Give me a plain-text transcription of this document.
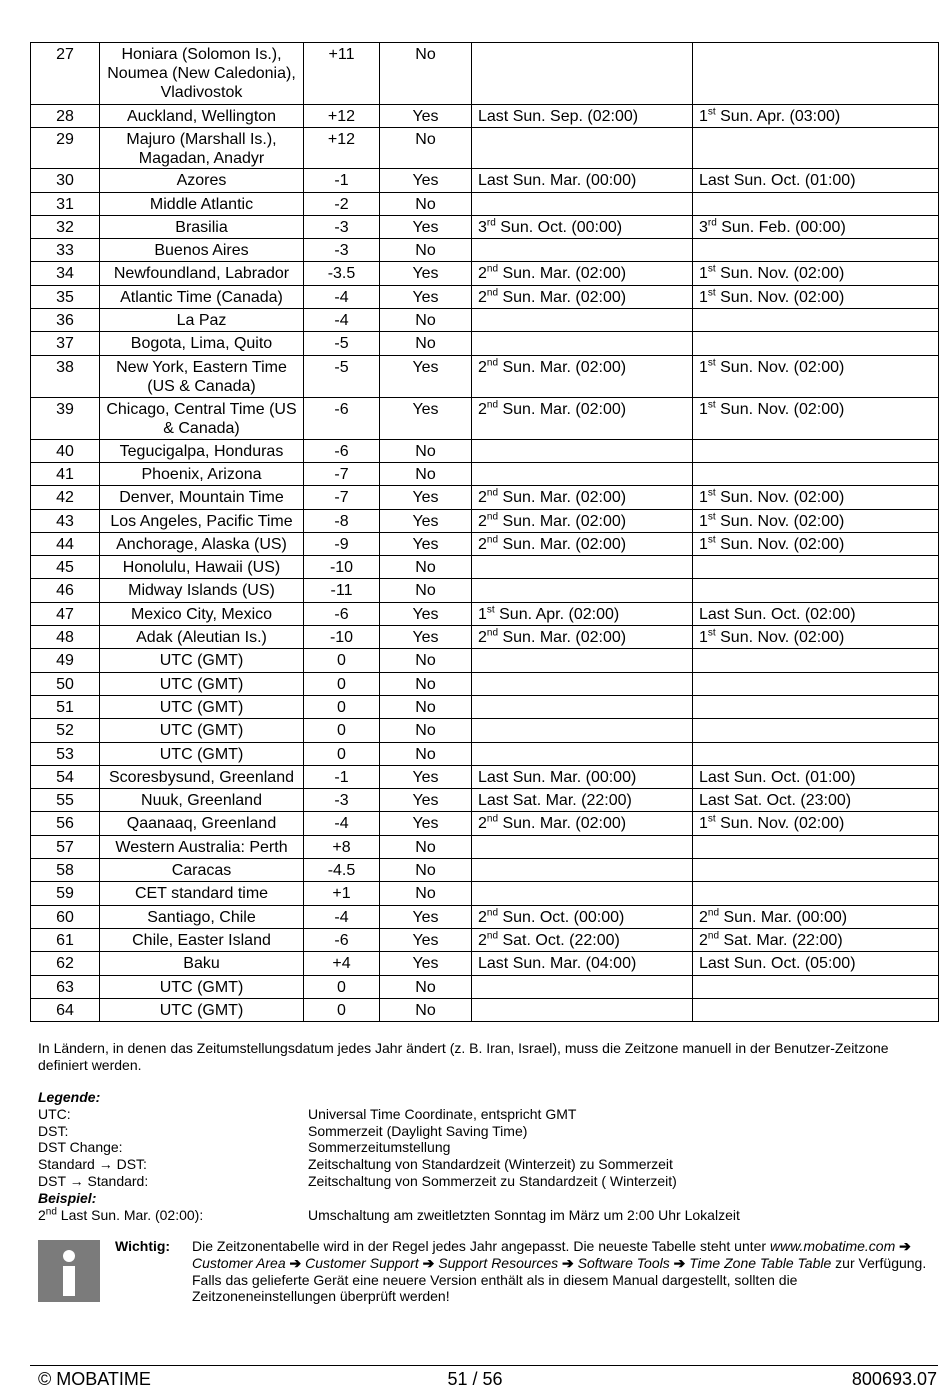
27	Honiara (Solomon Is.), Noumea (New Caledonia), Vladivostok	+11	No		
28	Auckland, Wellington	+12	Yes	Last Sun. Sep. (02:00)	1st Sun. Apr. (03:00)
29	Majuro (Marshall Is.), Magadan, Anadyr	+12	No		
30	Azores	-1	Yes	Last Sun. Mar. (00:00)	Last Sun. Oct. (01:00)
31	Middle Atlantic	-2	No		
32	Brasilia	-3	Yes	3rd Sun. Oct. (00:00)	3rd Sun. Feb. (00:00)
33	Buenos Aires	-3	No		
34	Newfoundland, Labrador	-3.5	Yes	2nd Sun. Mar. (02:00)	1st Sun. Nov. (02:00)
35	Atlantic Time (Canada)	-4	Yes	2nd Sun. Mar. (02:00)	1st Sun. Nov. (02:00)
36	La Paz	-4	No		
37	Bogota, Lima, Quito	-5	No		
38	New York, Eastern Time (US & Canada)	-5	Yes	2nd Sun. Mar. (02:00)	1st Sun. Nov. (02:00)
39	Chicago, Central Time (US & Canada)	-6	Yes	2nd Sun. Mar. (02:00)	1st Sun. Nov. (02:00)
40	Tegucigalpa, Honduras	-6	No		
41	Phoenix, Arizona	-7	No		
42	Denver, Mountain Time	-7	Yes	2nd Sun. Mar. (02:00)	1st Sun. Nov. (02:00)
43	Los Angeles, Pacific Time	-8	Yes	2nd Sun. Mar. (02:00)	1st Sun. Nov. (02:00)
44	Anchorage, Alaska (US)	-9	Yes	2nd Sun. Mar. (02:00)	1st Sun. Nov. (02:00)
45	Honolulu, Hawaii (US)	-10	No		
46	Midway Islands (US)	-11	No		
47	Mexico City, Mexico	-6	Yes	1st Sun. Apr. (02:00)	Last Sun. Oct. (02:00)
48	Adak (Aleutian Is.)	-10	Yes	2nd Sun. Mar. (02:00)	1st Sun. Nov. (02:00)
49	UTC (GMT)	0	No		
50	UTC (GMT)	0	No		
51	UTC (GMT)	0	No		
52	UTC (GMT)	0	No		
53	UTC (GMT)	0	No		
54	Scoresbysund, Greenland	-1	Yes	Last Sun. Mar. (00:00)	Last Sun. Oct. (01:00)
55	Nuuk, Greenland	-3	Yes	Last Sat. Mar. (22:00)	Last Sat. Oct. (23:00)
56	Qaanaaq, Greenland	-4	Yes	2nd Sun. Mar. (02:00)	1st Sun. Nov. (02:00)
57	Western Australia: Perth	+8	No		
58	Caracas	-4.5	No		
59	CET standard time	+1	No		
60	Santiago, Chile	-4	Yes	2nd Sun. Oct. (00:00)	2nd Sun. Mar. (00:00)
61	Chile, Easter Island	-6	Yes	2nd Sat. Oct. (22:00)	2nd Sat. Mar. (22:00)
62	Baku	+4	Yes	Last Sun. Mar. (04:00)	Last Sun. Oct. (05:00)
63	UTC (GMT)	0	No		
64	UTC (GMT)	0	No		
In Ländern, in denen das Zeitumstellungsdatum jedes Jahr ändert (z. B. Iran, Israel), muss die Zeitzone manuell in der Benutzer-Zeitzone definiert werden.
Legende:
UTC:	Universal Time Coordinate, entspricht GMT
DST:	Sommerzeit (Daylight Saving Time)
DST Change:	Sommerzeitumstellung
Standard → DST:	Zeitschaltung von Standardzeit (Winterzeit) zu Sommerzeit
DST → Standard:	Zeitschaltung von Sommerzeit zu Standardzeit ( Winterzeit)
Beispiel:
2nd Last Sun. Mar. (02:00):	Umschaltung am zweitletzten Sonntag im März um 2:00 Uhr Lokalzeit
Wichtig: Die Zeitzonentabelle wird in der Regel jedes Jahr angepasst. Die neueste Tabelle steht unter www.mobatime.com ➔ Customer Area ➔ Customer Support ➔ Support Resources ➔ Software Tools ➔ Time Zone Table Table zur Verfügung. Falls das gelieferte Gerät eine neuere Version enthält als in diesem Manual dargestellt, sollten die Zeitzoneneinstellungen überprüft werden!
© MOBATIME	51 / 56	800693.07
